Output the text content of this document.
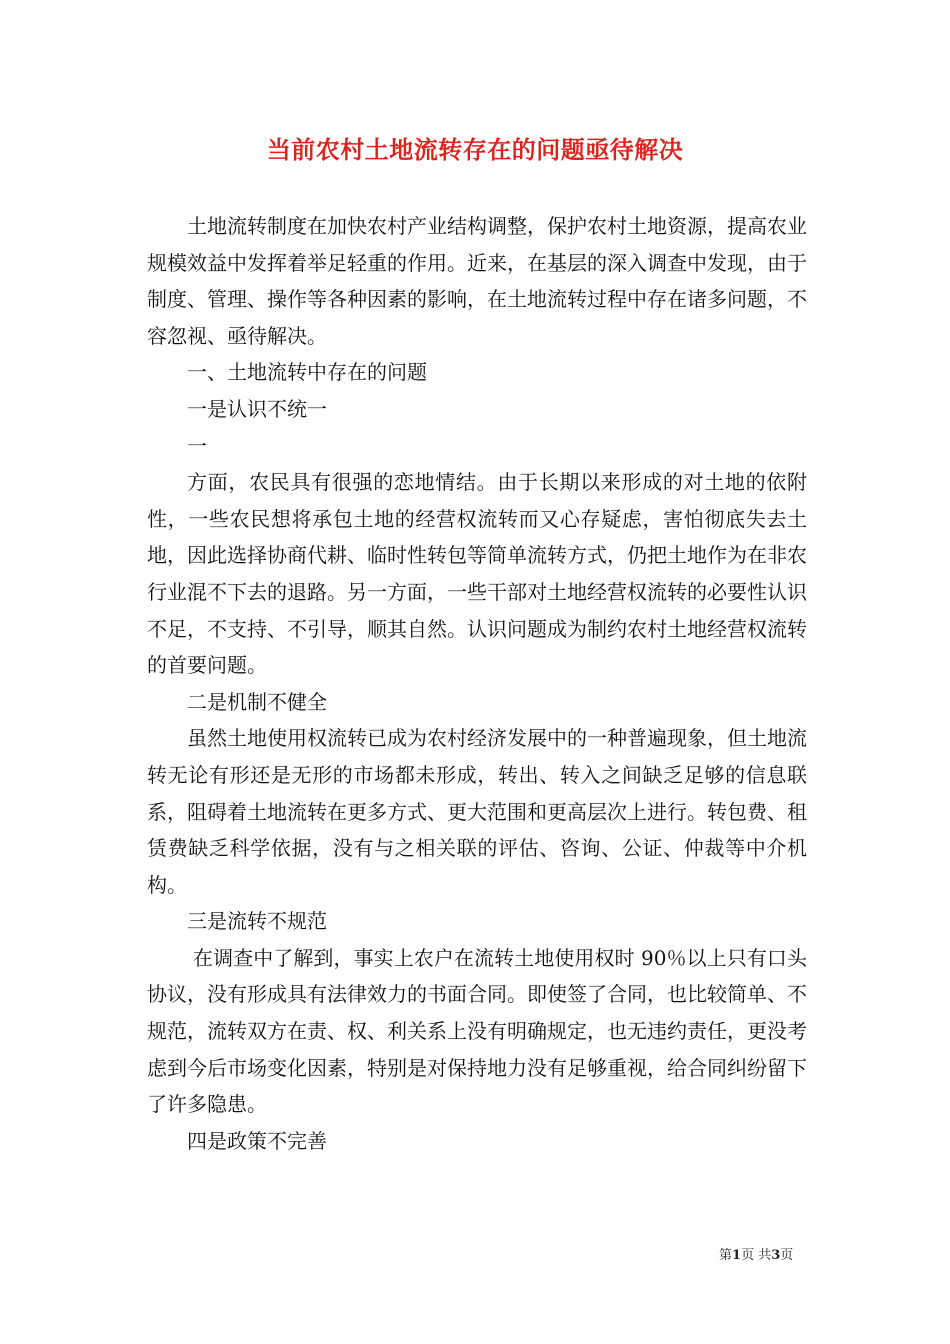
当前农村土地流转存在的问题亟待解决

土地流转制度在加快农村产业结构调整，保护农村土地资源，提高农业规模效益中发挥着举足轻重的作用。近来，在基层的深入调查中发现，由于制度、管理、操作等各种因素的影响，在土地流转过程中存在诸多问题，不容忽视、亟待解决。

一、土地流转中存在的问题

一是认识不统一

一

方面，农民具有很强的恋地情结。由于长期以来形成的对土地的依附性，一些农民想将承包土地的经营权流转而又心存疑虑，害怕彻底失去土地，因此选择协商代耕、临时性转包等简单流转方式，仍把土地作为在非农行业混不下去的退路。另一方面，一些干部对土地经营权流转的必要性认识不足，不支持、不引导，顺其自然。认识问题成为制约农村土地经营权流转的首要问题。

二是机制不健全

虽然土地使用权流转已成为农村经济发展中的一种普遍现象，但土地流转无论有形还是无形的市场都未形成，转出、转入之间缺乏足够的信息联系，阻碍着土地流转在更多方式、更大范围和更高层次上进行。转包费、租赁费缺乏科学依据，没有与之相关联的评估、咨询、公证、仲裁等中介机构。

三是流转不规范

在调查中了解到，事实上农户在流转土地使用权时 90％以上只有口头协议，没有形成具有法律效力的书面合同。即使签了合同，也比较简单、不规范，流转双方在责、权、利关系上没有明确规定，也无违约责任，更没考虑到今后市场变化因素，特别是对保持地力没有足够重视，给合同纠纷留下了许多隐患。

四是政策不完善

第1页 共3页
